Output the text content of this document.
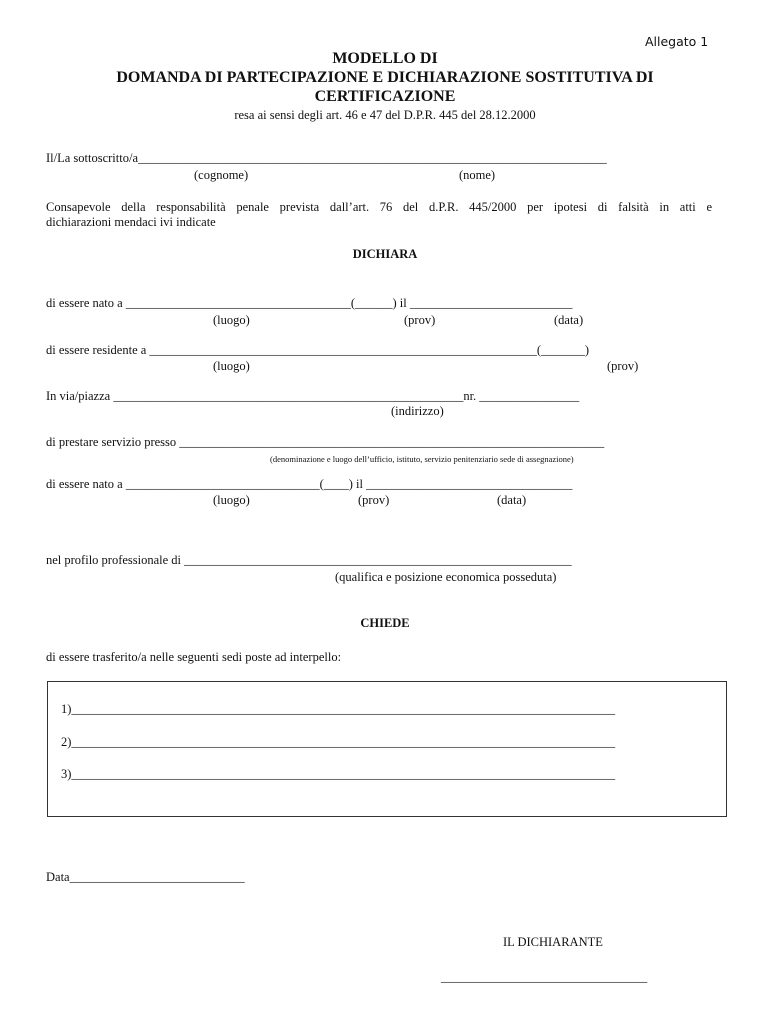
Allegato 1
MODELLO DI
DOMANDA DI PARTECIPAZIONE E DICHIARAZIONE SOSTITUTIVA DI
CERTIFICAZIONE
resa ai sensi degli art. 46 e 47 del D.P.R. 445 del 28.12.2000
Il/La sottoscritto/a___________________________________________________________________________
(cognome)	(nome)
Consapevole della responsabilità penale prevista dall’art. 76 del d.P.R. 445/2000 per ipotesi di falsità in atti e
dichiarazioni mendaci ivi indicate
DICHIARA
di essere nato a ____________________________________(______) il __________________________
(luogo)	(prov)	(data)
di essere residente a ______________________________________________________________(_______)
(luogo)	(prov)
In via/piazza ________________________________________________________nr. ________________
(indirizzo)
di prestare servizio presso ____________________________________________________________________
(denominazione e luogo dell’ufficio, istituto, servizio penitenziario sede di assegnazione)
di essere nato a _______________________________(____) il _________________________________
(luogo)	(prov)	(data)
nel profilo professionale di ______________________________________________________________
(qualifica e posizione economica posseduta)
CHIEDE
di essere trasferito/a nelle seguenti sedi poste ad interpello:
1)_______________________________________________________________________________________
2)_______________________________________________________________________________________
3)_______________________________________________________________________________________
Data____________________________
IL DICHIARANTE
_________________________________
